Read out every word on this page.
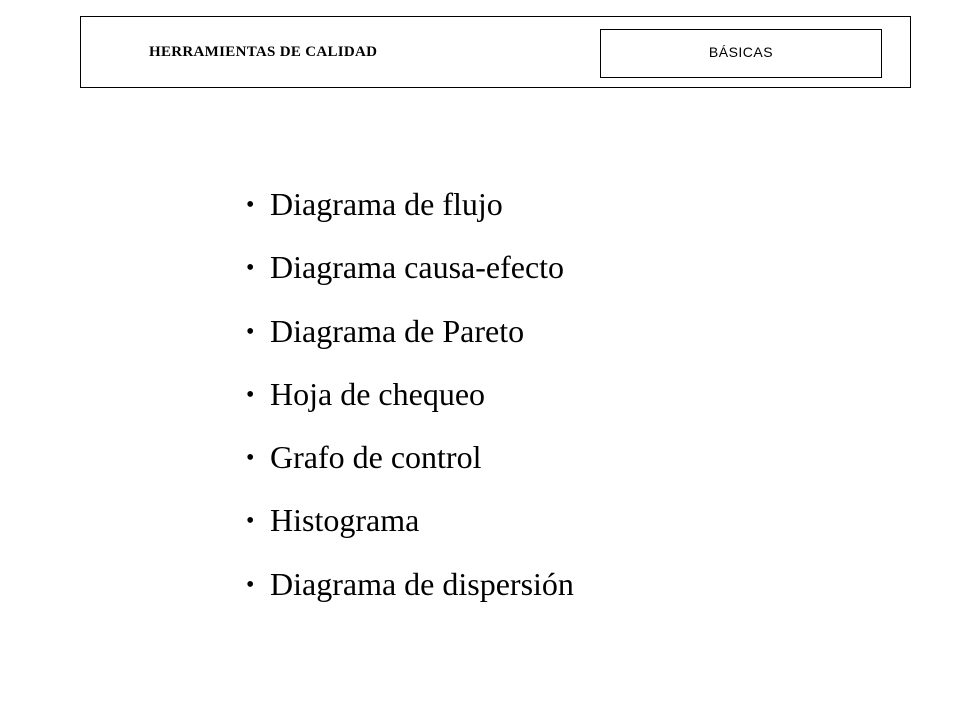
HERRAMIENTAS DE CALIDAD	BÁSICAS
• Diagrama de flujo
• Diagrama causa-efecto
• Diagrama de Pareto
• Hoja de chequeo
• Grafo de control
• Histograma
• Diagrama de dispersión
